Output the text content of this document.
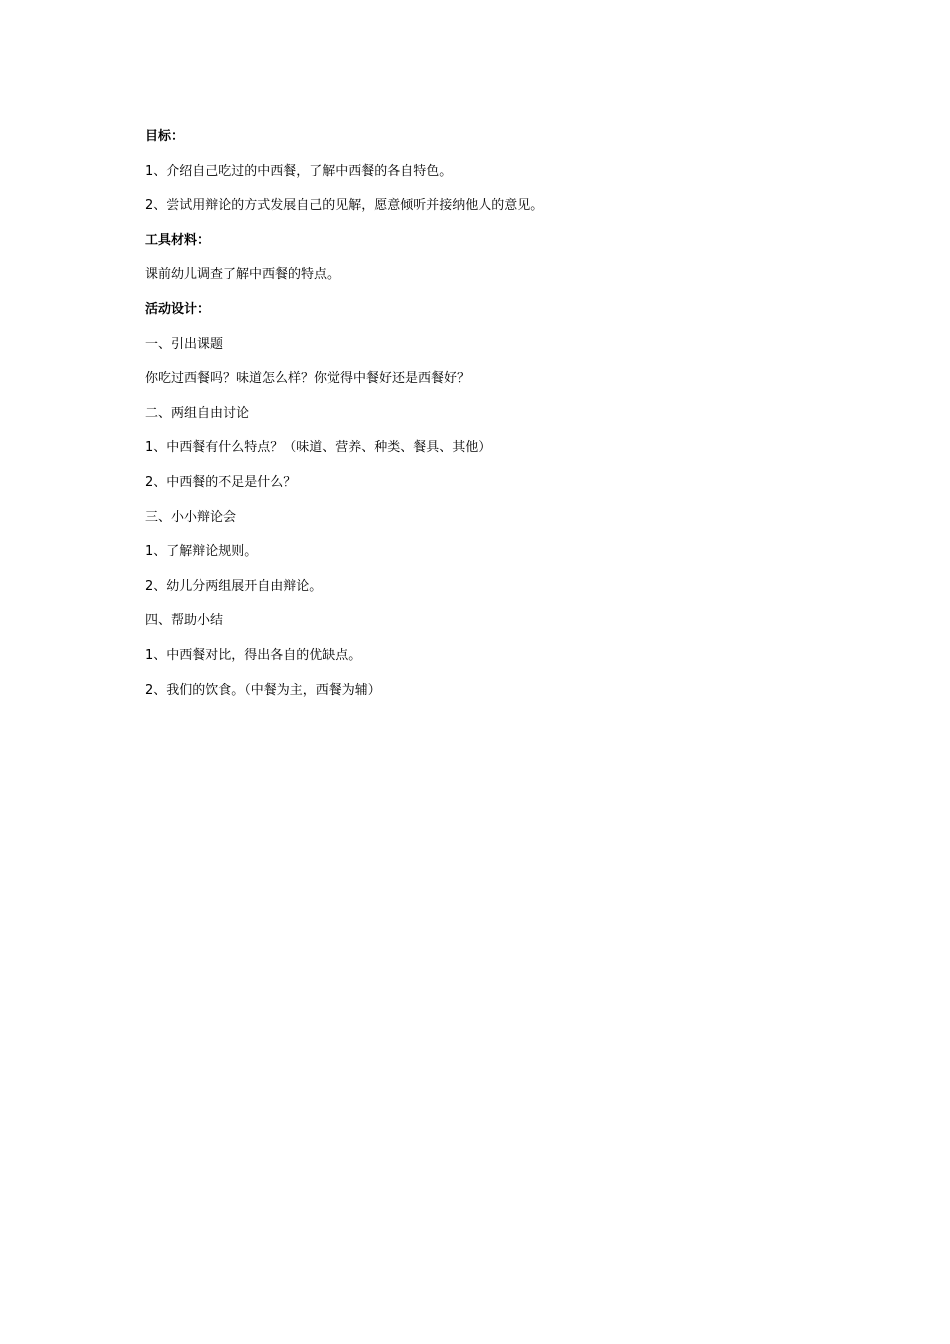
目标：
1、介绍自己吃过的中西餐，了解中西餐的各自特色。
2、尝试用辩论的方式发展自己的见解，愿意倾听并接纳他人的意见。
工具材料：
课前幼儿调查了解中西餐的特点。
活动设计：
一、引出课题
你吃过西餐吗？味道怎么样？你觉得中餐好还是西餐好？
二、两组自由讨论
1、中西餐有什么特点？（味道、营养、种类、餐具、其他）
2、中西餐的不足是什么？
三、小小辩论会
1、了解辩论规则。
2、幼儿分两组展开自由辩论。
四、帮助小结
1、中西餐对比，得出各自的优缺点。
2、我们的饮食。（中餐为主，西餐为辅）
